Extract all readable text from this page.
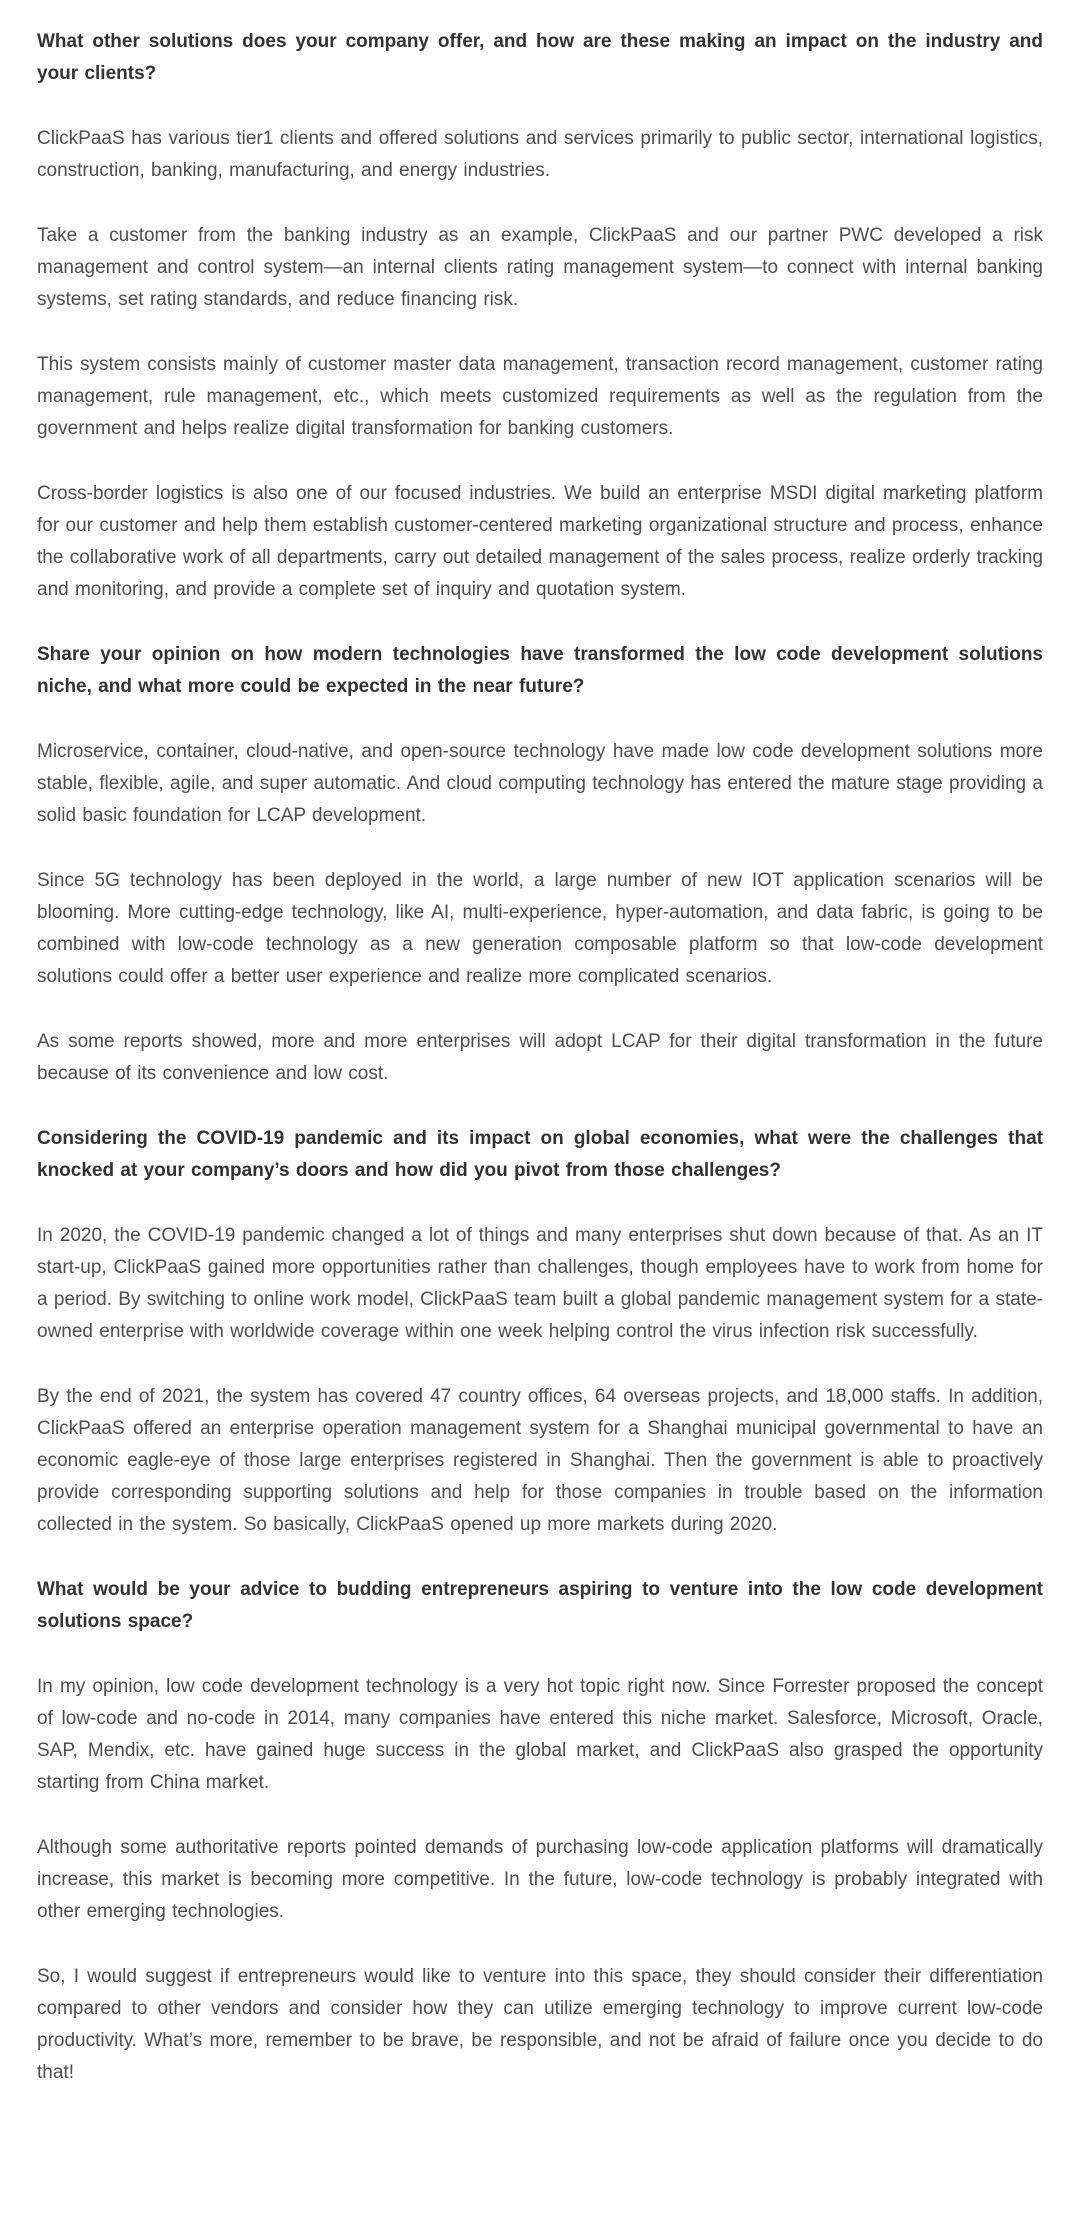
What other solutions does your company offer, and how are these making an impact on the industry and your clients?

ClickPaaS has various tier1 clients and offered solutions and services primarily to public sector, international logistics, construction, banking, manufacturing, and energy industries.

Take a customer from the banking industry as an example, ClickPaaS and our partner PWC developed a risk management and control system—an internal clients rating management system—to connect with internal banking systems, set rating standards, and reduce financing risk.

This system consists mainly of customer master data management, transaction record management, customer rating management, rule management, etc., which meets customized requirements as well as the regulation from the government and helps realize digital transformation for banking customers.

Cross-border logistics is also one of our focused industries. We build an enterprise MSDI digital marketing platform for our customer and help them establish customer-centered marketing organizational structure and process, enhance the collaborative work of all departments, carry out detailed management of the sales process, realize orderly tracking and monitoring, and provide a complete set of inquiry and quotation system.

Share your opinion on how modern technologies have transformed the low code development solutions niche, and what more could be expected in the near future?

Microservice, container, cloud-native, and open-source technology have made low code development solutions more stable, flexible, agile, and super automatic. And cloud computing technology has entered the mature stage providing a solid basic foundation for LCAP development.

Since 5G technology has been deployed in the world, a large number of new IOT application scenarios will be blooming. More cutting-edge technology, like AI, multi-experience, hyper-automation, and data fabric, is going to be combined with low-code technology as a new generation composable platform so that low-code development solutions could offer a better user experience and realize more complicated scenarios.

As some reports showed, more and more enterprises will adopt LCAP for their digital transformation in the future because of its convenience and low cost.

Considering the COVID-19 pandemic and its impact on global economies, what were the challenges that knocked at your company’s doors and how did you pivot from those challenges?

In 2020, the COVID-19 pandemic changed a lot of things and many enterprises shut down because of that. As an IT start-up, ClickPaaS gained more opportunities rather than challenges, though employees have to work from home for a period. By switching to online work model, ClickPaaS team built a global pandemic management system for a state-owned enterprise with worldwide coverage within one week helping control the virus infection risk successfully.

By the end of 2021, the system has covered 47 country offices, 64 overseas projects, and 18,000 staffs. In addition, ClickPaaS offered an enterprise operation management system for a Shanghai municipal governmental to have an economic eagle-eye of those large enterprises registered in Shanghai. Then the government is able to proactively provide corresponding supporting solutions and help for those companies in trouble based on the information collected in the system. So basically, ClickPaaS opened up more markets during 2020.

What would be your advice to budding entrepreneurs aspiring to venture into the low code development solutions space?

In my opinion, low code development technology is a very hot topic right now. Since Forrester proposed the concept of low-code and no-code in 2014, many companies have entered this niche market. Salesforce, Microsoft, Oracle, SAP, Mendix, etc. have gained huge success in the global market, and ClickPaaS also grasped the opportunity starting from China market.

Although some authoritative reports pointed demands of purchasing low-code application platforms will dramatically increase, this market is becoming more competitive. In the future, low-code technology is probably integrated with other emerging technologies.

So, I would suggest if entrepreneurs would like to venture into this space, they should consider their differentiation compared to other vendors and consider how they can utilize emerging technology to improve current low-code productivity. What’s more, remember to be brave, be responsible, and not be afraid of failure once you decide to do that!
